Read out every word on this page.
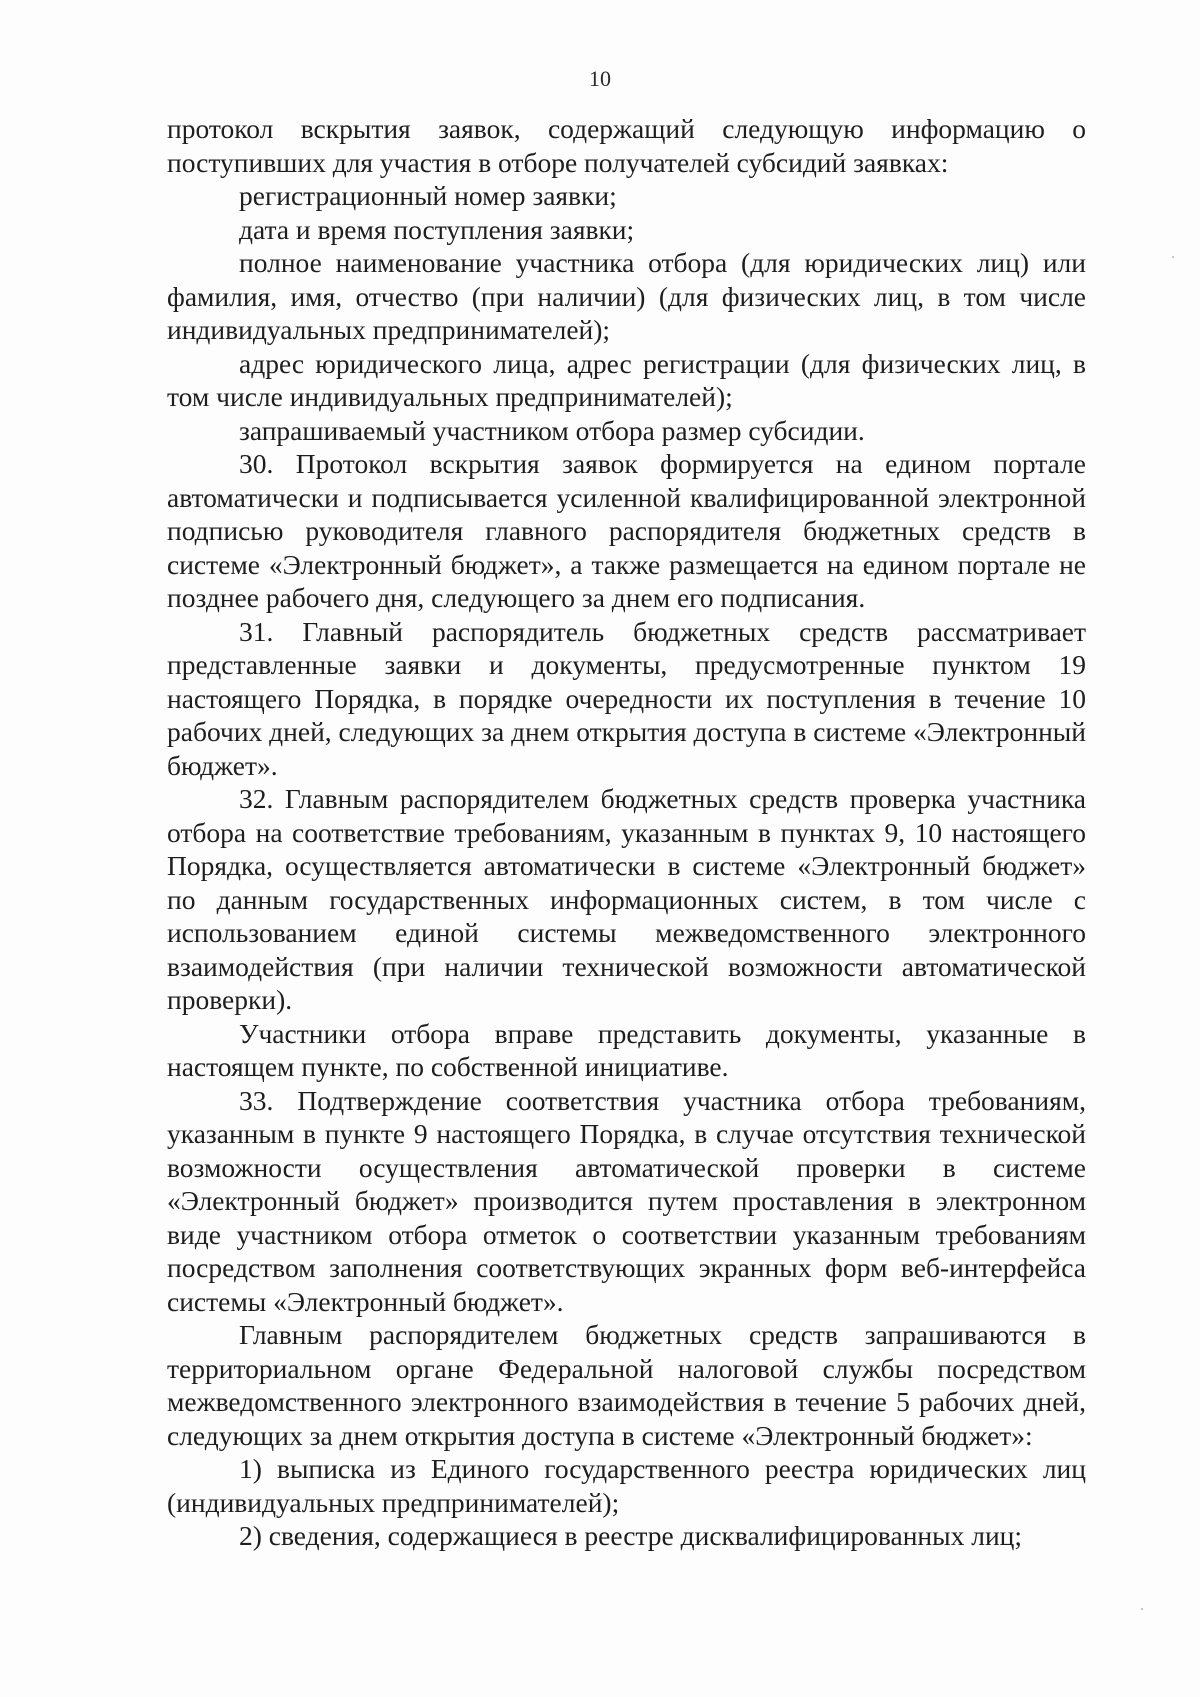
10

протокол вскрытия заявок, содержащий следующую информацию о поступивших для участия в отборе получателей субсидий заявках:

регистрационный номер заявки;

дата и время поступления заявки;

полное наименование участника отбора (для юридических лиц) или фамилия, имя, отчество (при наличии) (для физических лиц, в том числе индивидуальных предпринимателей);

адрес юридического лица, адрес регистрации (для физических лиц, в том числе индивидуальных предпринимателей);

запрашиваемый участником отбора размер субсидии.

30. Протокол вскрытия заявок формируется на едином портале автоматически и подписывается усиленной квалифицированной электронной подписью руководителя главного распорядителя бюджетных средств в системе «Электронный бюджет», а также размещается на едином портале не позднее рабочего дня, следующего за днем его подписания.

31. Главный распорядитель бюджетных средств рассматривает представленные заявки и документы, предусмотренные пунктом 19 настоящего Порядка, в порядке очередности их поступления в течение 10 рабочих дней, следующих за днем открытия доступа в системе «Электронный бюджет».

32. Главным распорядителем бюджетных средств проверка участника отбора на соответствие требованиям, указанным в пунктах 9, 10 настоящего Порядка, осуществляется автоматически в системе «Электронный бюджет» по данным государственных информационных систем, в том числе с использованием единой системы межведомственного электронного взаимодействия (при наличии технической возможности автоматической проверки).

Участники отбора вправе представить документы, указанные в настоящем пункте, по собственной инициативе.

33. Подтверждение соответствия участника отбора требованиям, указанным в пункте 9 настоящего Порядка, в случае отсутствия технической возможности осуществления автоматической проверки в системе «Электронный бюджет» производится путем проставления в электронном виде участником отбора отметок о соответствии указанным требованиям посредством заполнения соответствующих экранных форм веб-интерфейса системы «Электронный бюджет».

Главным распорядителем бюджетных средств запрашиваются в территориальном органе Федеральной налоговой службы посредством межведомственного электронного взаимодействия в течение 5 рабочих дней, следующих за днем открытия доступа в системе «Электронный бюджет»:

1) выписка из Единого государственного реестра юридических лиц (индивидуальных предпринимателей);

2) сведения, содержащиеся в реестре дисквалифицированных лиц;
